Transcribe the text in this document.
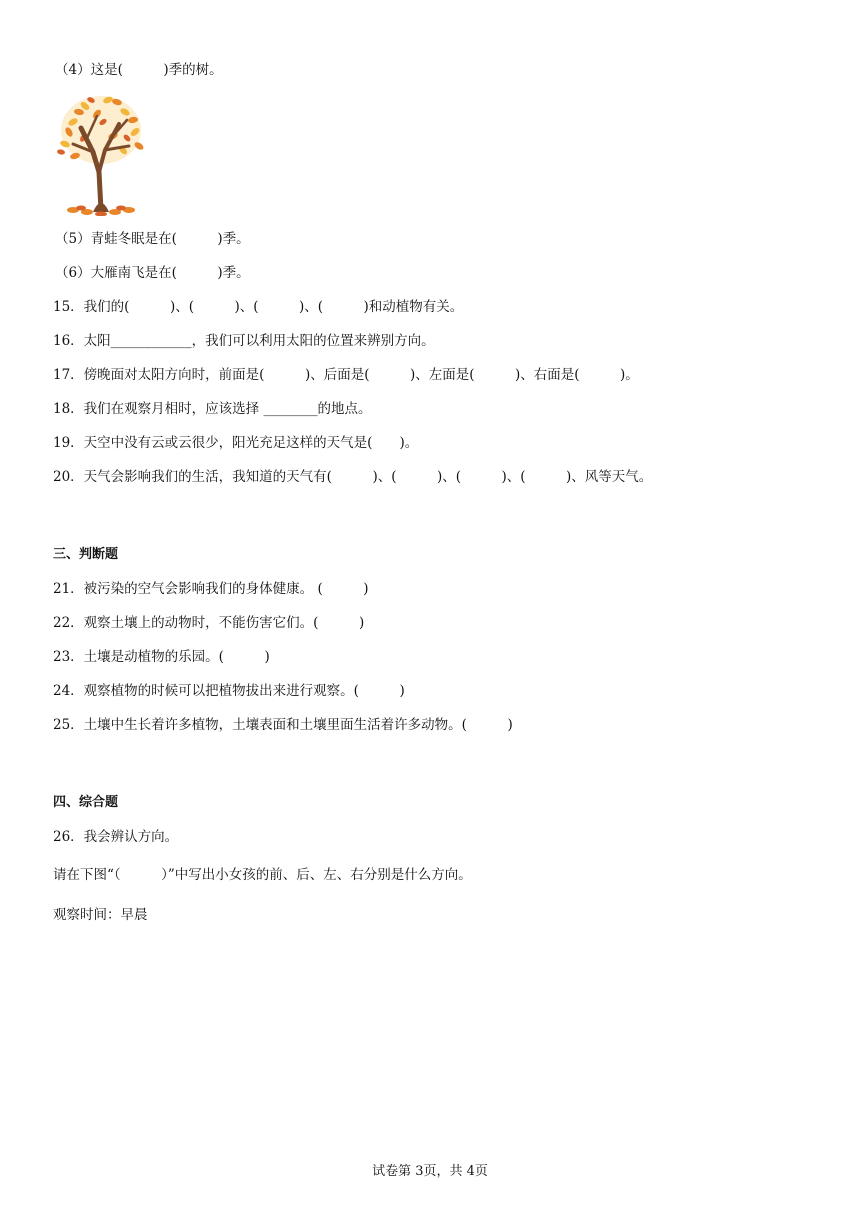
（4）这是(　　　)季的树。
（5）青蛙冬眠是在(　　　)季。
（6）大雁南飞是在(　　　)季。
15．我们的(　　　)、(　　　)、(　　　)、(　　　)和动植物有关。
16．太阳____________，我们可以利用太阳的位置来辨别方向。
17．傍晚面对太阳方向时，前面是(　　　)、后面是(　　　)、左面是(　　　)、右面是(　　　)。
18．我们在观察月相时，应该选择 ________的地点。
19．天空中没有云或云很少，阳光充足这样的天气是(　　)。
20．天气会影响我们的生活，我知道的天气有(　　　)、(　　　)、(　　　)、(　　　)、风等天气。
三、判断题
21．被污染的空气会影响我们的身体健康。 (　　　)
22．观察土壤上的动物时，不能伤害它们。(　　　)
23．土壤是动植物的乐园。(　　　)
24．观察植物的时候可以把植物拔出来进行观察。(　　　)
25．土壤中生长着许多植物，土壤表面和土壤里面生活着许多动物。(　　　)
四、综合题
26．我会辨认方向。
请在下图“（　　　）”中写出小女孩的前、后、左、右分别是什么方向。
观察时间：早晨
试卷第 3页，共 4页
